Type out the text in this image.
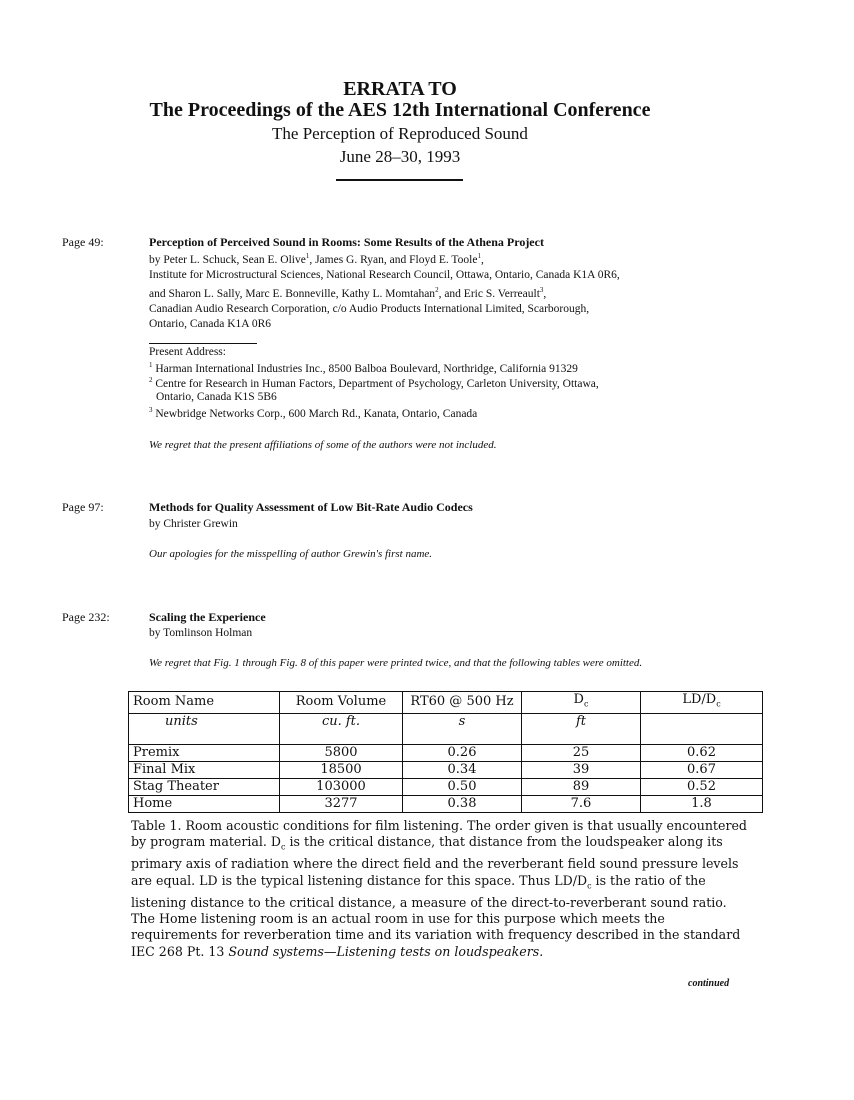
ERRATA TO
The Proceedings of the AES 12th International Conference
The Perception of Reproduced Sound
June 28–30, 1993
Page 49:	Perception of Perceived Sound in Rooms: Some Results of the Athena Project
by Peter L. Schuck, Sean E. Olive$^1$, James G. Ryan, and Floyd E. Toole$^1$,
Institute for Microstructural Sciences, National Research Council, Ottawa, Ontario, Canada K1A 0R6,
and Sharon L. Sally, Marc E. Bonneville, Kathy L. Momtahan$^2$, and Eric S. Verreault$^3$,
Canadian Audio Research Corporation, c/o Audio Products International Limited, Scarborough,
Ontario, Canada K1A 0R6
Present Address:
$^1$ Harman International Industries Inc., 8500 Balboa Boulevard, Northridge, California 91329
$^2$ Centre for Research in Human Factors, Department of Psychology, Carleton University, Ottawa,
Ontario, Canada K1S 5B6
$^3$ Newbridge Networks Corp., 600 March Rd., Kanata, Ontario, Canada
We regret that the present affiliations of some of the authors were not included.
Page 97:	Methods for Quality Assessment of Low Bit-Rate Audio Codecs
by Christer Grewin
Our apologies for the misspelling of author Grewin's first name.
Page 232:	Scaling the Experience
by Tomlinson Holman
We regret that Fig. 1 through Fig. 8 of this paper were printed twice, and that the following tables were omitted.
Room Name	Room Volume	RT60 @ 500 Hz	$D_c$	$LD/D_c$
units	cu. ft.	s	ft	
Premix	5800	0.26	25	0.62
Final Mix	18500	0.34	39	0.67
Stag Theater	103000	0.50	89	0.52
Home	3277	0.38	7.6	1.8
Table 1. Room acoustic conditions for film listening. The order given is that usually encountered by program material. $D_c$ is the critical distance, that distance from the loudspeaker along its primary axis of radiation where the direct field and the reverberant field sound pressure levels are equal. LD is the typical listening distance for this space. Thus $LD/D_c$ is the ratio of the listening distance to the critical distance, a measure of the direct-to-reverberant sound ratio. The Home listening room is an actual room in use for this purpose which meets the requirements for reverberation time and its variation with frequency described in the standard IEC 268 Pt. 13 Sound systems—Listening tests on loudspeakers.
continued
